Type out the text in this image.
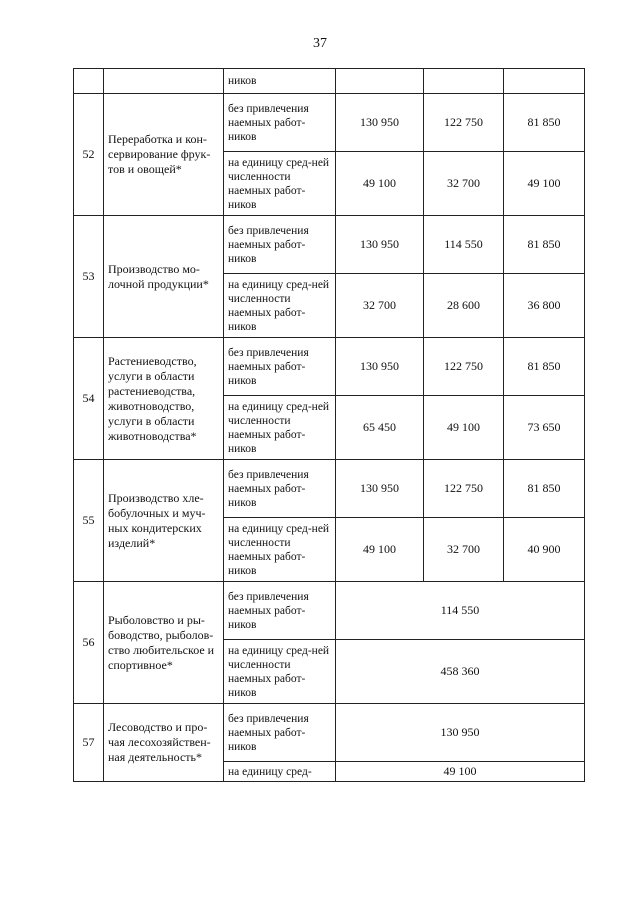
37
		ников			
52	Переработка и кон-сервирование фрук-тов и овощей*	без привлечения наемных работ-ников	130 950	122 750	81 850
		на единицу сред-ней численности наемных работ-ников	49 100	32 700	49 100
53	Производство мо-лочной продукции*	без привлечения наемных работ-ников	130 950	114 550	81 850
		на единицу сред-ней численности наемных работ-ников	32 700	28 600	36 800
54	Растениеводство, услуги в области растениеводства, животноводство, услуги в области животноводства*	без привлечения наемных работ-ников	130 950	122 750	81 850
		на единицу сред-ней численности наемных работ-ников	65 450	49 100	73 650
55	Производство хле-бобулочных и муч-ных кондитерских изделий*	без привлечения наемных работ-ников	130 950	122 750	81 850
		на единицу сред-ней численности наемных работ-ников	49 100	32 700	40 900
56	Рыболовство и ры-боводство, рыболов-ство любительское и спортивное*	без привлечения наемных работ-ников	114 550		
		на единицу сред-ней численности наемных работ-ников	458 360		
57	Лесоводство и про-чая лесохозяйствен-ная деятельность*	без привлечения наемных работ-ников	130 950		
		на единицу сред-	49 100		
